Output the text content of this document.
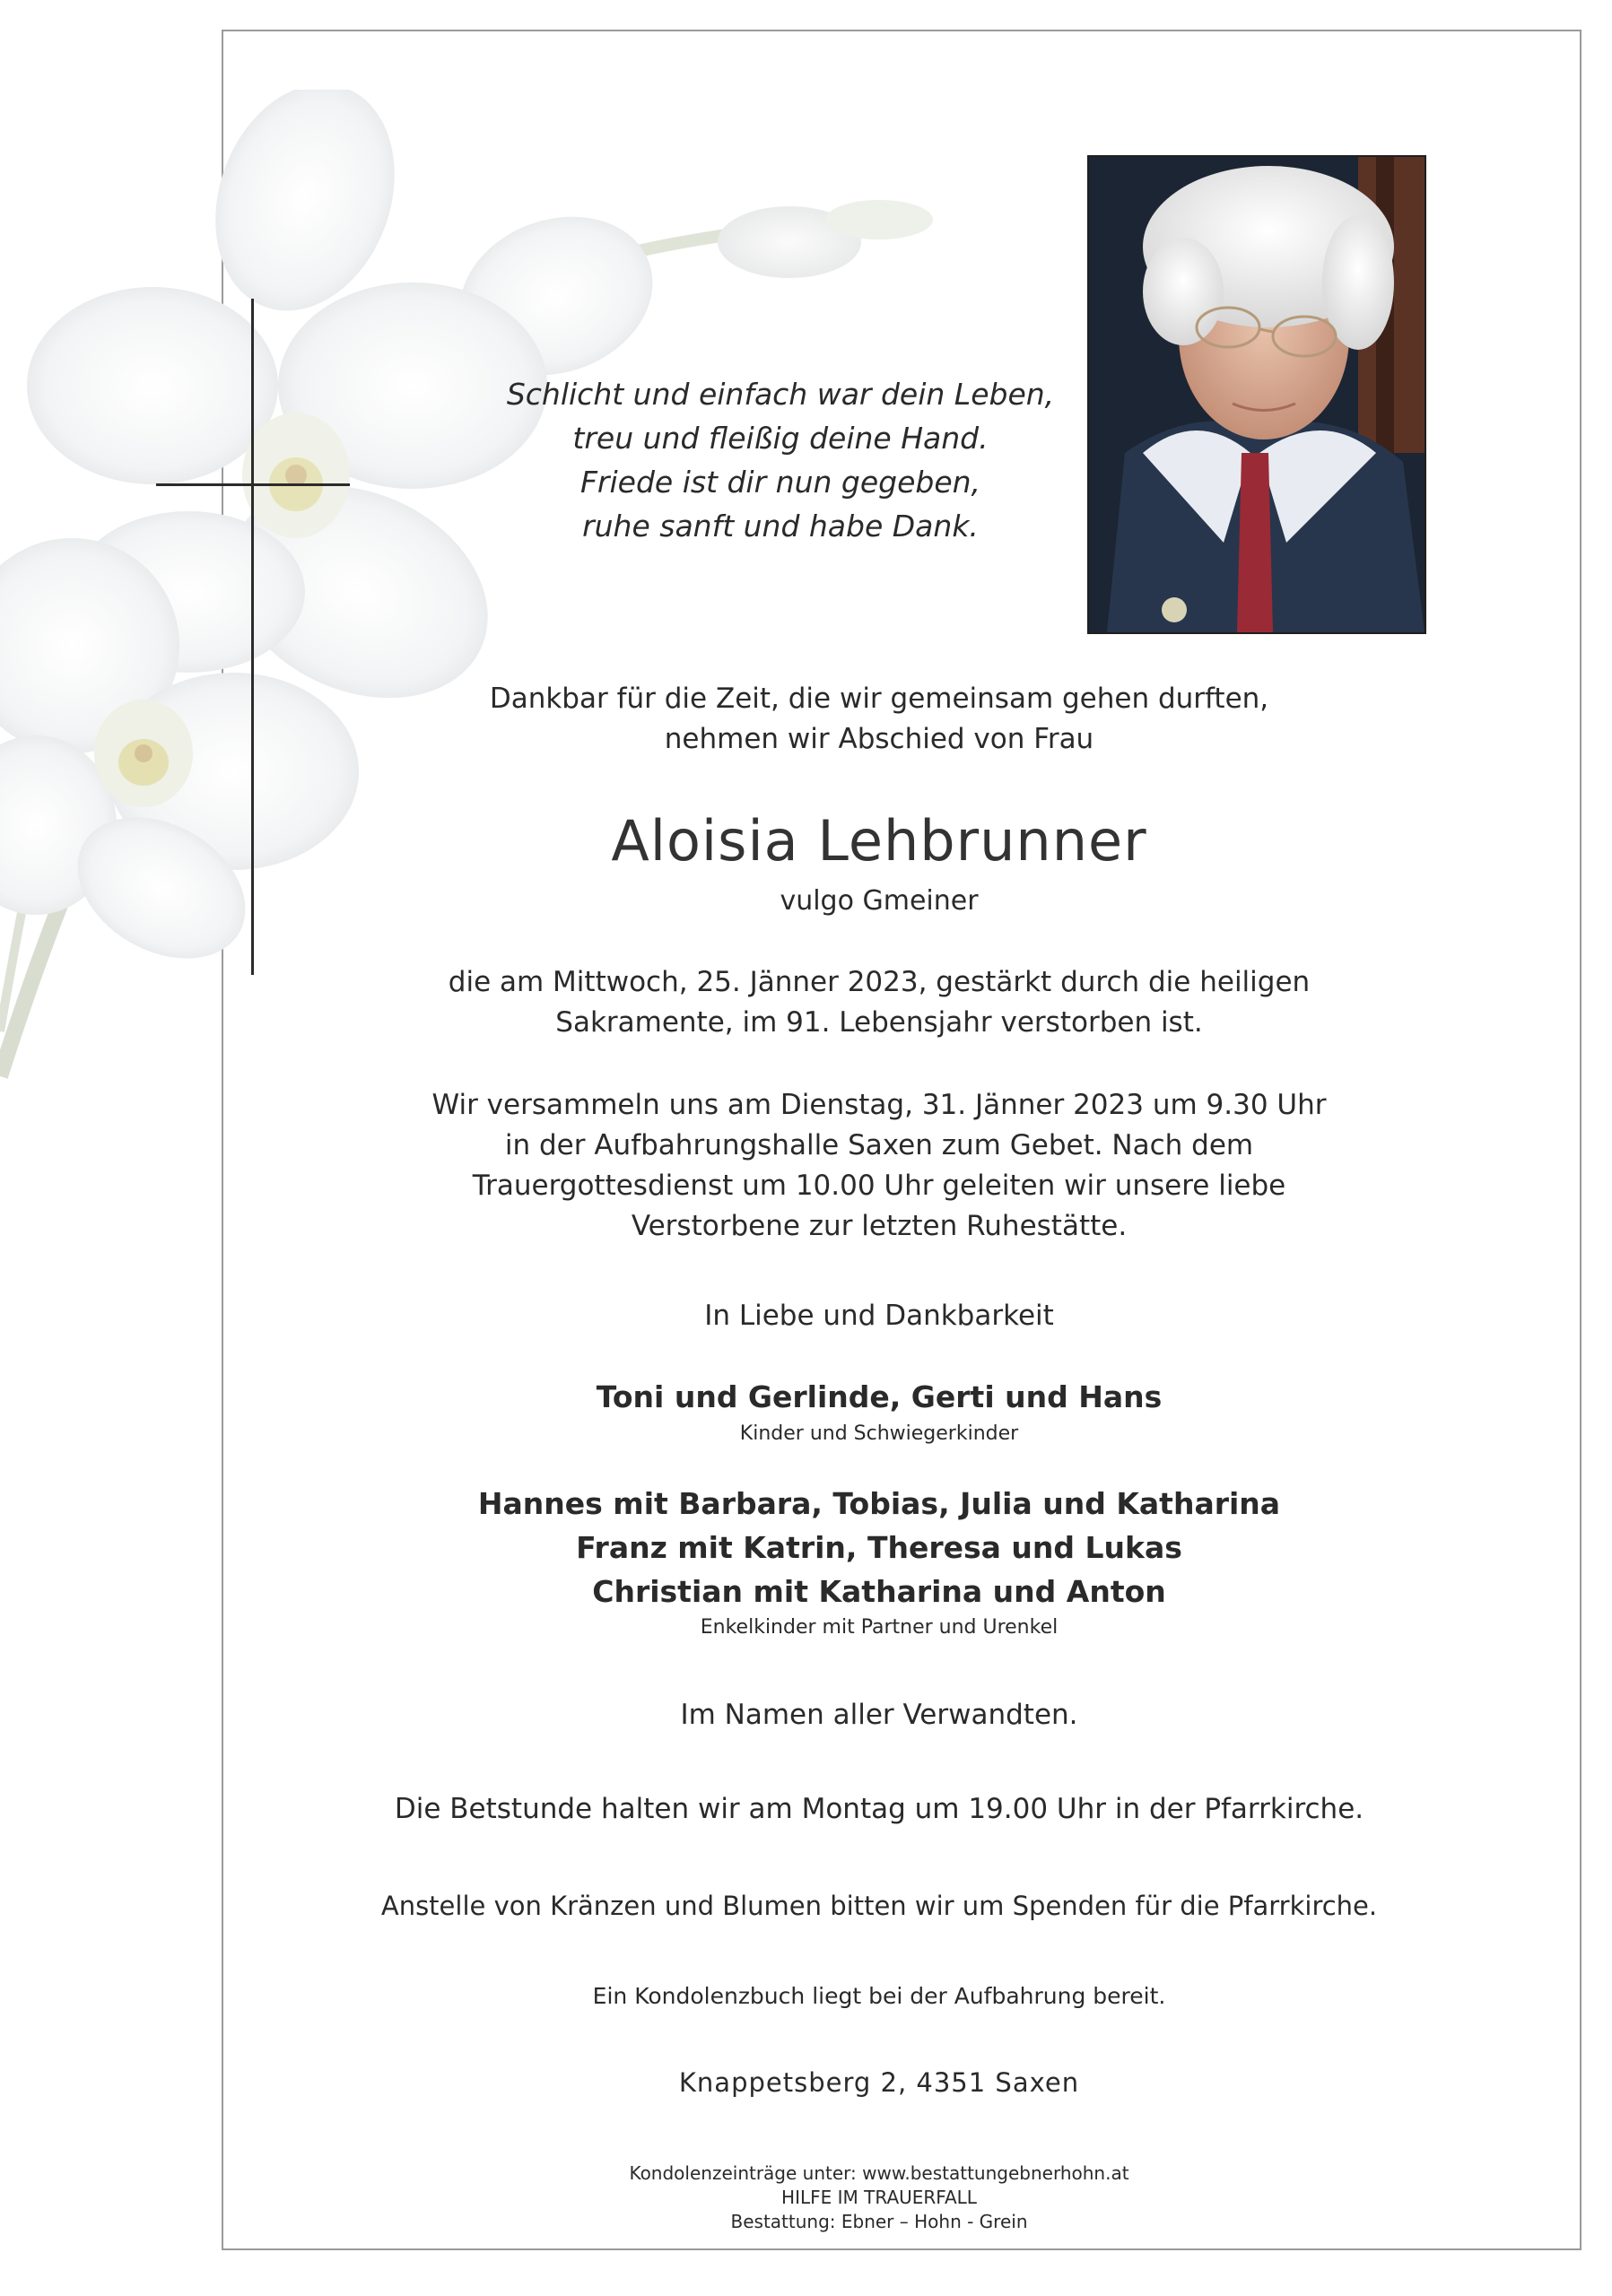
Schlicht und einfach war dein Leben,
treu und fleißig deine Hand.
Friede ist dir nun gegeben,
ruhe sanft und habe Dank.
Dankbar für die Zeit, die wir gemeinsam gehen durften,
nehmen wir Abschied von Frau
Aloisia Lehbrunner
vulgo Gmeiner
die am Mittwoch, 25. Jänner 2023, gestärkt durch die heiligen
Sakramente, im 91. Lebensjahr verstorben ist.
Wir versammeln uns am Dienstag, 31. Jänner 2023 um 9.30 Uhr
in der Aufbahrungshalle Saxen zum Gebet. Nach dem
Trauergottesdienst um 10.00 Uhr geleiten wir unsere liebe
Verstorbene zur letzten Ruhestätte.
In Liebe und Dankbarkeit
Toni und Gerlinde, Gerti und Hans
Kinder und Schwiegerkinder
Hannes mit Barbara, Tobias, Julia und Katharina
Franz mit Katrin, Theresa und Lukas
Christian mit Katharina und Anton
Enkelkinder mit Partner und Urenkel
Im Namen aller Verwandten.
Die Betstunde halten wir am Montag um 19.00 Uhr in der Pfarrkirche.
Anstelle von Kränzen und Blumen bitten wir um Spenden für die Pfarrkirche.
Ein Kondolenzbuch liegt bei der Aufbahrung bereit.
Knappetsberg 2, 4351 Saxen
Kondolenzeinträge unter: www.bestattungebnerhohn.at
HILFE IM TRAUERFALL
Bestattung: Ebner – Hohn - Grein
